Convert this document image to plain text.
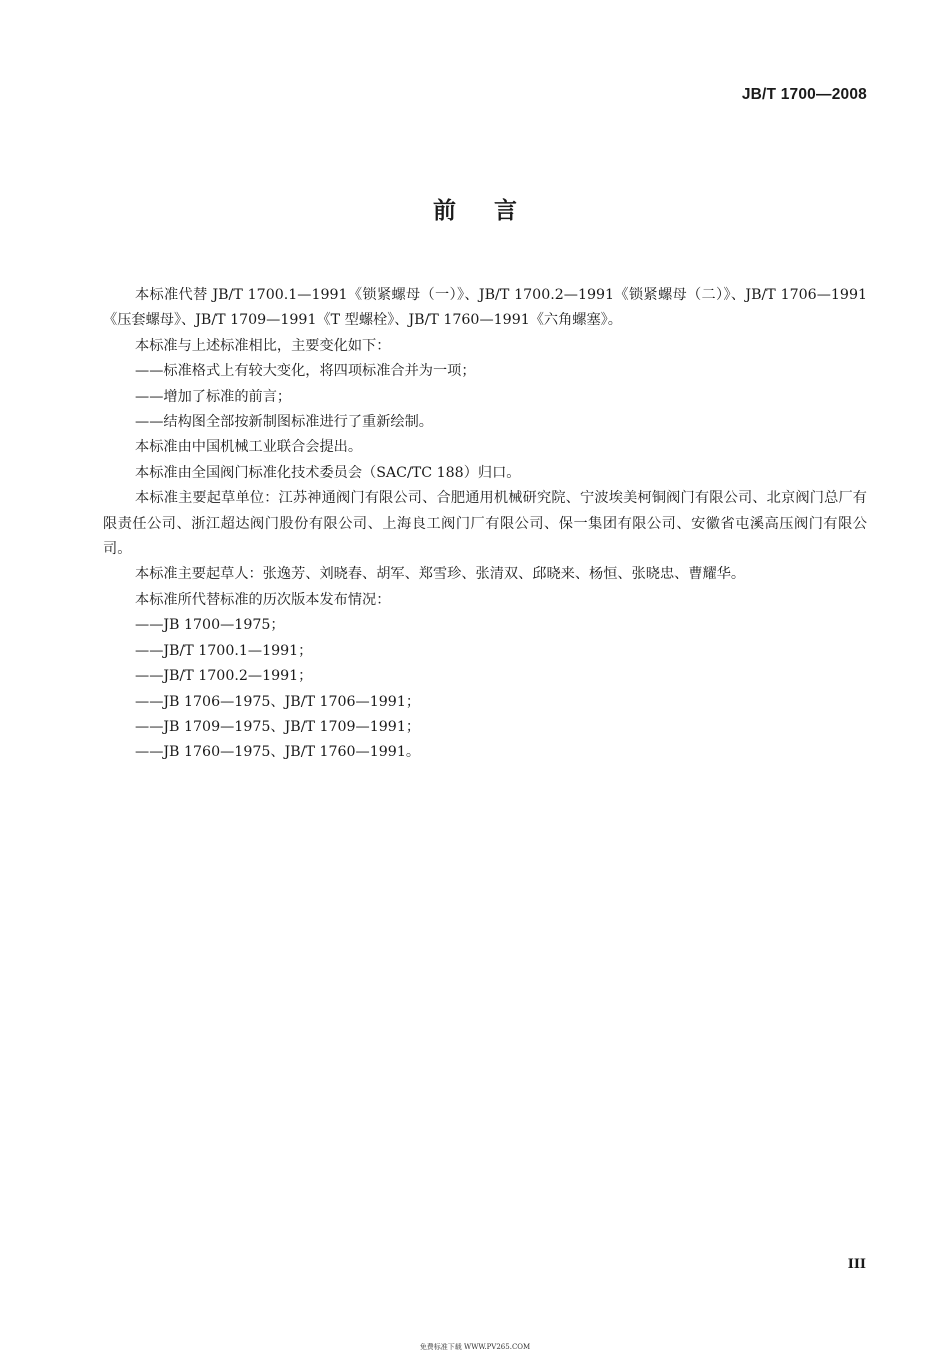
JB/T 1700—2008
前言

本标准代替 JB/T 1700.1—1991《锁紧螺母（一）》、JB/T 1700.2—1991《锁紧螺母（二）》、JB/T 1706—1991《压套螺母》、JB/T 1709—1991《T 型螺栓》、JB/T 1760—1991《六角螺塞》。

本标准与上述标准相比，主要变化如下：

——标准格式上有较大变化，将四项标准合并为一项；

——增加了标准的前言；

——结构图全部按新制图标准进行了重新绘制。

本标准由中国机械工业联合会提出。

本标准由全国阀门标准化技术委员会（SAC/TC 188）归口。

本标准主要起草单位：江苏神通阀门有限公司、合肥通用机械研究院、宁波埃美柯铜阀门有限公司、北京阀门总厂有限责任公司、浙江超达阀门股份有限公司、上海良工阀门厂有限公司、保一集团有限公司、安徽省屯溪高压阀门有限公司。

本标准主要起草人：张逸芳、刘晓春、胡军、郑雪珍、张清双、邱晓来、杨恒、张晓忠、曹耀华。

本标准所代替标准的历次版本发布情况：

——JB 1700—1975；

——JB/T 1700.1—1991；

——JB/T 1700.2—1991；

——JB 1706—1975、JB/T 1706—1991；

——JB 1709—1975、JB/T 1709—1991；

——JB 1760—1975、JB/T 1760—1991。

III
免费标准下载 WWW.PV265.COM
